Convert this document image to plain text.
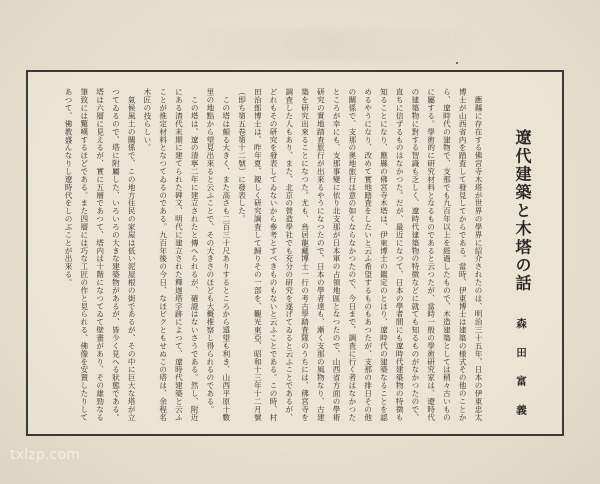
遼代建築と木塔の話
森田富義
　應縣に存在する佛宮寺木塔が世界の學界に紹介されたのは、明治三十五年、日本の伊東忠太
博士が山西省内を踏査して發見してからである。當時、伊東博士は建築の様式その他のことか
ら、遼時代の建物で、支那でも九百年以上を經過したもので、木造建築としては稍々古いもの
に屬する。學術的に研究材料となるものであると云つたが、當時一般の學術研究家は、遼時代
の建築物に對する智識も乏しく、遼時代建築物の特徴などに就ても知るものがなかつたので、
直ちに信ずるものはなかつた。だが、最近になつて、日本の學者間にも遼時代建築物の特徴も
知ることになり、應縣の佛宮寺木塔は、伊東博士の鑑定のとほり、遼時代の建築なることを認
めるやうになり、改めて實地踏査をしたいと云ふ希望するものもあつたが、支那の排日その他
の關係で、支那の奥地旅行は意の如くならなかつたので、今日まで、調査に行く者はなかつた
ところが幸にも、支那事變に依り北支那が日本軍の占領地區となつたので、山西省方面の學術
研究の實地踏査旅行が出來るやうになつたので、日本の學者達も、漸く支那の風物なり、古建
築を研究出來ることになつた。尤も、鳥居龍藏博士一行の考古學踏査隊のうちには、佛宮寺を
調査した人もあり、また、北京の營造學社でも充分の研究を遂げてゐると云ふことであるが、
どれもその研究を發表してゐないから參考とすべきものもないと云ふことである。この時、村
田治郎博士は、昨年夏、親しく研究調査して歸りその一部を、觀光東亞、昭和十三年十二月號
（即ち第五卷第十二號）に發表した。
　この塔は頗る大きく、また高さも二百三十尺ありするところから遠望も利き、山西平原十數
里の地點から望見出來ると云ふことで、その大きさのほども大概推察し得られるのである。
　この塔は、遼の清寧二年に建立されたと傳へられるが、確證はないさうである。然し、附近
にある清代末期に建てられた碑文、明代に建立された釋迦塔字跡によつて、遼時代建築と云ふ
ことが推定材料となつてゐるのである。九百年後の今日、なほビクともせぬこの塔は、余程名
木匠の技らしい。
　氣候風土の關係で、この地方住民の家屋は低い泥屋根の街であるが、その中に巨大な塔が立
つてゐるので、塔に附屬した、いろいろの大きな建築物があるが、皆少く見へる狀態である。
塔は六層に見えるが、實に五層であつて、塔内は十階になつてゐて壁畫があり、その雄勁なる
筆致には驚嘆するほどである。また四層には巧な工匠の作と見られる、佛像を安置したりして
あつて、佛教盛んなりし遼時代をしのぶことが出來る。
txlzp.com
